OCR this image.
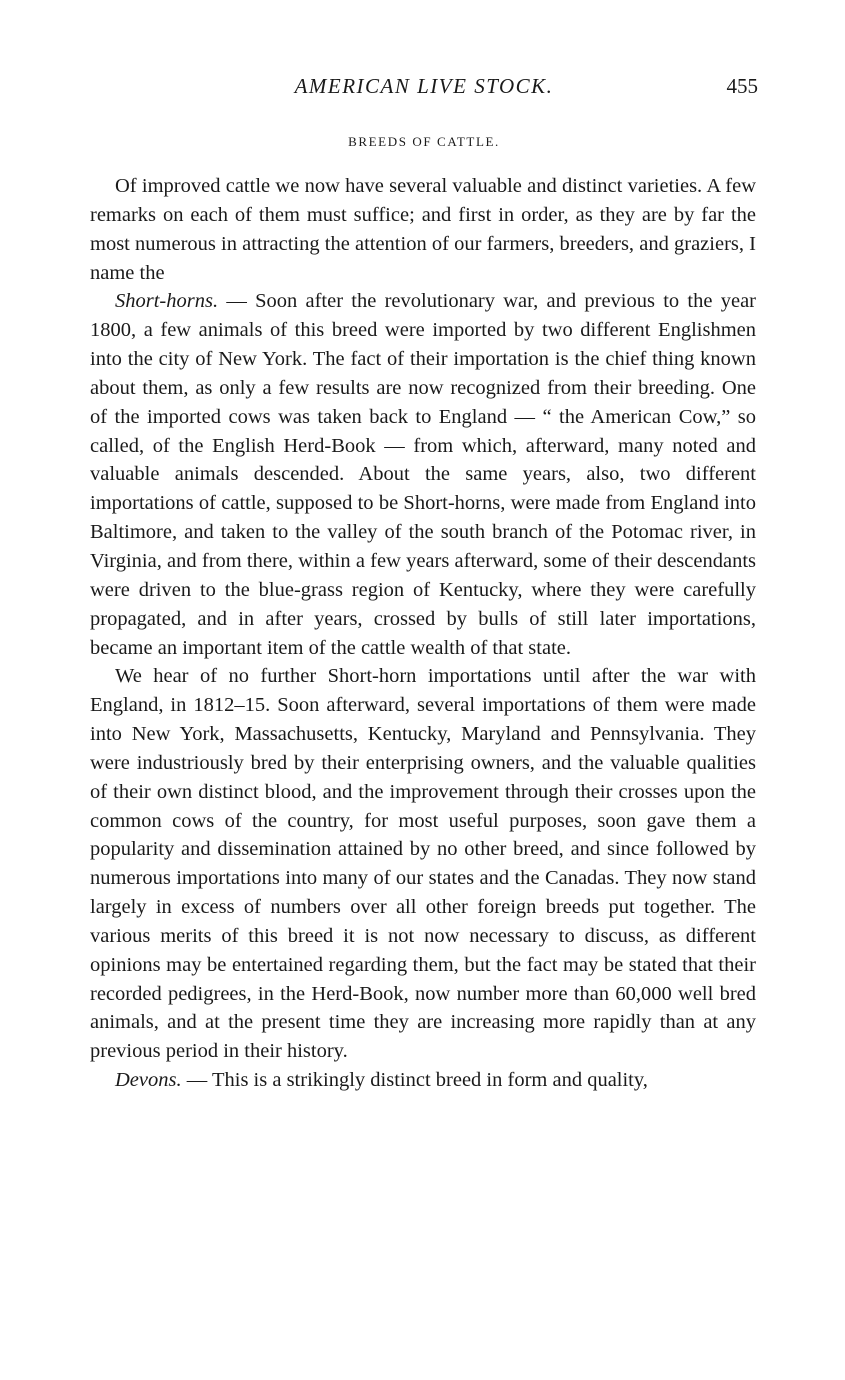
AMERICAN LIVE STOCK.	455
BREEDS OF CATTLE.

Of improved cattle we now have several valuable and distinct varieties. A few remarks on each of them must suffice; and first in order, as they are by far the most numerous in attracting the attention of our farmers, breeders, and graziers, I name the

Short-horns. — Soon after the revolutionary war, and previous to the year 1800, a few animals of this breed were imported by two different Englishmen into the city of New York. The fact of their importation is the chief thing known about them, as only a few results are now recognized from their breeding. One of the imported cows was taken back to England — “ the American Cow,” so called, of the English Herd-Book — from which, afterward, many noted and valuable animals descended. About the same years, also, two different importations of cattle, supposed to be Short-horns, were made from England into Baltimore, and taken to the valley of the south branch of the Potomac river, in Virginia, and from there, within a few years afterward, some of their descendants were driven to the blue-grass region of Kentucky, where they were carefully propagated, and in after years, crossed by bulls of still later importations, became an important item of the cattle wealth of that state.

We hear of no further Short-horn importations until after the war with England, in 1812–15. Soon afterward, several importations of them were made into New York, Massachusetts, Kentucky, Maryland and Pennsylvania. They were industriously bred by their enterprising owners, and the valuable qualities of their own distinct blood, and the improvement through their crosses upon the common cows of the country, for most useful purposes, soon gave them a popularity and dissemination attained by no other breed, and since followed by numerous importations into many of our states and the Canadas. They now stand largely in excess of numbers over all other foreign breeds put together. The various merits of this breed it is not now necessary to discuss, as different opinions may be entertained regarding them, but the fact may be stated that their recorded pedigrees, in the Herd-Book, now number more than 60,000 well bred animals, and at the present time they are increasing more rapidly than at any previous period in their history.

Devons. — This is a strikingly distinct breed in form and quality,
